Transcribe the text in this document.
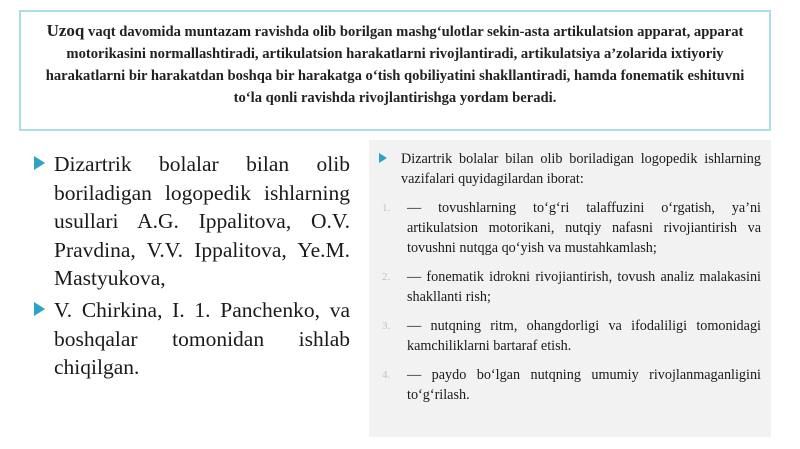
Uzoq vaqt davomida muntazam ravishda olib borilgan mashg‘ulotlar sekin-asta artikulatsion apparat, apparat motorikasini normallashtiradi, artikulatsion harakatlarni rivojlantiradi, artikulatsiya a’zolarida ixtiyoriy harakatlarni bir harakatdan boshqa bir harakatga o‘tish qobiliyatini shakllantiradi, hamda fonematik eshituvni to‘la qonli ravishda rivojlantirishga yordam beradi.
Dizartrik bolalar bilan olib boriladigan logopedik ishlarning usullari A.G. Ippalitova, O.V. Pravdina, V.V. Ippalitova, Ye.M. Mastyukova,
V. Chirkina, I. 1. Panchenko, va boshqalar tomonidan ishlab chiqilgan.
Dizartrik bolalar bilan olib boriladigan logopedik ishlarning vazifalari quyidagilardan iborat:
1. — tovushlarning to‘g‘ri talaffuzini o‘rgatish, ya’ni artikulatsion motorikani, nutqiy nafasni rivojiantirish va tovushni nutqga qo‘yish va mustahkamlash;
2. — fonematik idrokni rivojiantirish, tovush analiz malakasini shakllanti rish;
3. — nutqning ritm, ohangdorligi va ifodaliligi tomonidagi kamchiliklarni bartaraf etish.
4. — paydo bo‘lgan nutqning umumiy rivojlanmaganligini to‘g‘rilash.
